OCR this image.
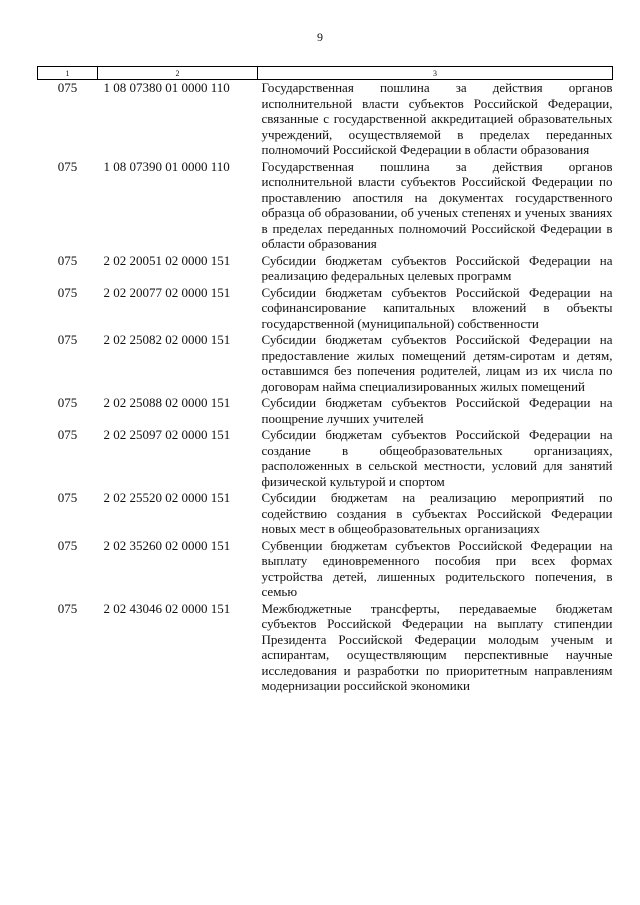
9
1	2	3
075	1 08 07380 01 0000 110	Государственная пошлина за действия органов исполнительной власти субъектов Российской Федерации, связанные с государственной аккредитацией образовательных учреждений, осуществляемой в пределах переданных полномочий Российской Федерации в области образования
075	1 08 07390 01 0000 110	Государственная пошлина за действия органов исполнительной власти субъектов Российской Федерации по проставлению апостиля на документах государственного образца об образовании, об ученых степенях и ученых званиях в пределах переданных полномочий Российской Федерации в области образования
075	2 02 20051 02 0000 151	Субсидии бюджетам субъектов Российской Федерации на реализацию федеральных целевых программ
075	2 02 20077 02 0000 151	Субсидии бюджетам субъектов Российской Федерации на софинансирование капитальных вложений в объекты государственной (муниципальной) собственности
075	2 02 25082 02 0000 151	Субсидии бюджетам субъектов Российской Федерации на предоставление жилых помещений детям-сиротам и детям, оставшимся без попечения родителей, лицам из их числа по договорам найма специализированных жилых помещений
075	2 02 25088 02 0000 151	Субсидии бюджетам субъектов Российской Федерации на поощрение лучших учителей
075	2 02 25097 02 0000 151	Субсидии бюджетам субъектов Российской Федерации на создание в общеобразовательных организациях, расположенных в сельской местности, условий для занятий физической культурой и спортом
075	2 02 25520 02 0000 151	Субсидии бюджетам на реализацию мероприятий по содействию создания в субъектах Российской Федерации новых мест в общеобразовательных организациях
075	2 02 35260 02 0000 151	Субвенции бюджетам субъектов Российской Федерации на выплату единовременного пособия при всех формах устройства детей, лишенных родительского попечения, в семью
075	2 02 43046 02 0000 151	Межбюджетные трансферты, передаваемые бюджетам субъектов Российской Федерации на выплату стипендии Президента Российской Федерации молодым ученым и аспирантам, осуществляющим перспективные научные исследования и разработки по приоритетным направлениям модернизации российской экономики
